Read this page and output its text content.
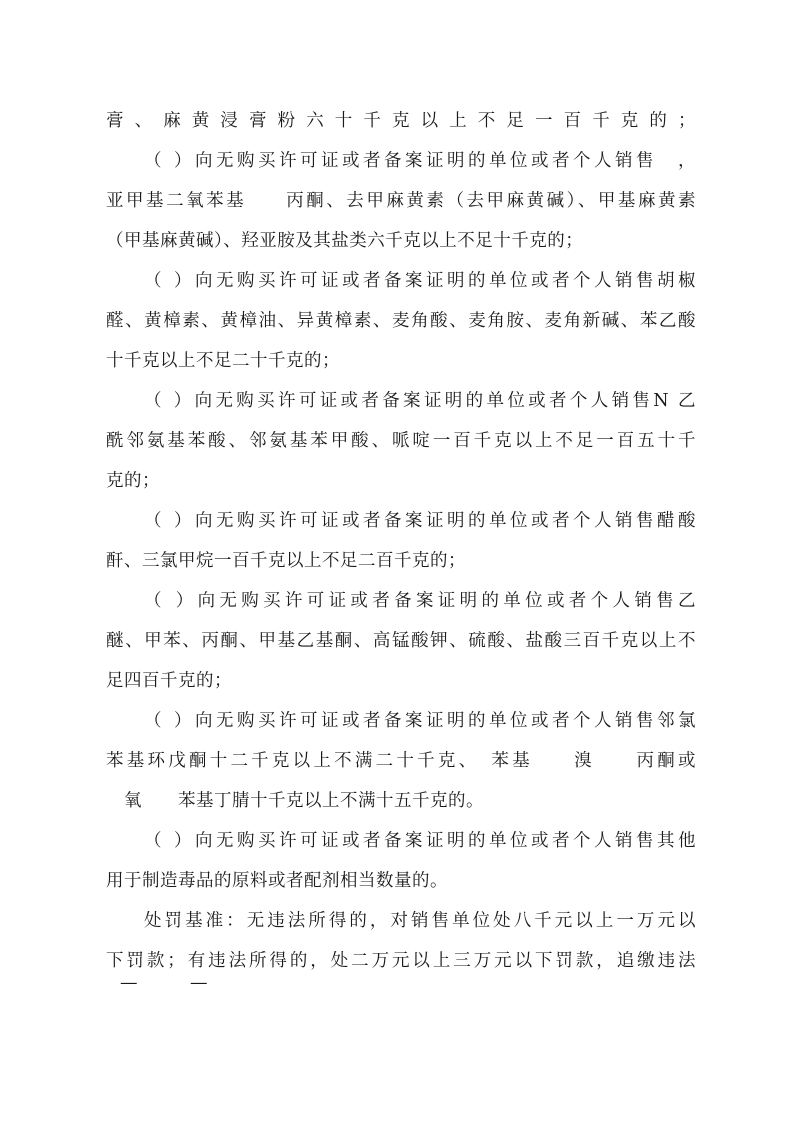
膏、麻黄浸膏粉六十千克以上不足一百千克的；
（ ）向无购买许可证或者备案证明的单位或者个人销售　，
亚甲基二氧苯基　　丙酮、去甲麻黄素（去甲麻黄碱）、甲基麻黄素
（甲基麻黄碱）、羟亚胺及其盐类六千克以上不足十千克的；
（ ）向无购买许可证或者备案证明的单位或者个人销售胡椒
醛、黄樟素、黄樟油、异黄樟素、麦角酸、麦角胺、麦角新碱、苯乙酸
十千克以上不足二十千克的；
（ ）向无购买许可证或者备案证明的单位或者个人销售N 乙
酰邻氨基苯酸、邻氨基苯甲酸、哌啶一百千克以上不足一百五十千
克的；
（ ）向无购买许可证或者备案证明的单位或者个人销售醋酸
酐、三氯甲烷一百千克以上不足二百千克的；
（ ）向无购买许可证或者备案证明的单位或者个人销售乙
醚、甲苯、丙酮、甲基乙基酮、高锰酸钾、硫酸、盐酸三百千克以上不
足四百千克的；
（ ）向无购买许可证或者备案证明的单位或者个人销售邻氯
苯基环戊酮十二千克以上不满二十千克、　苯基　　溴　　丙酮或
　氧　　苯基丁腈十千克以上不满十五千克的。
（ ）向无购买许可证或者备案证明的单位或者个人销售其他
用于制造毒品的原料或者配剂相当数量的。
处罚基准：无违法所得的，对销售单位处八千元以上一万元以
下罚款；有违法所得的，处二万元以上三万元以下罚款，追缴违法
—　　　—
